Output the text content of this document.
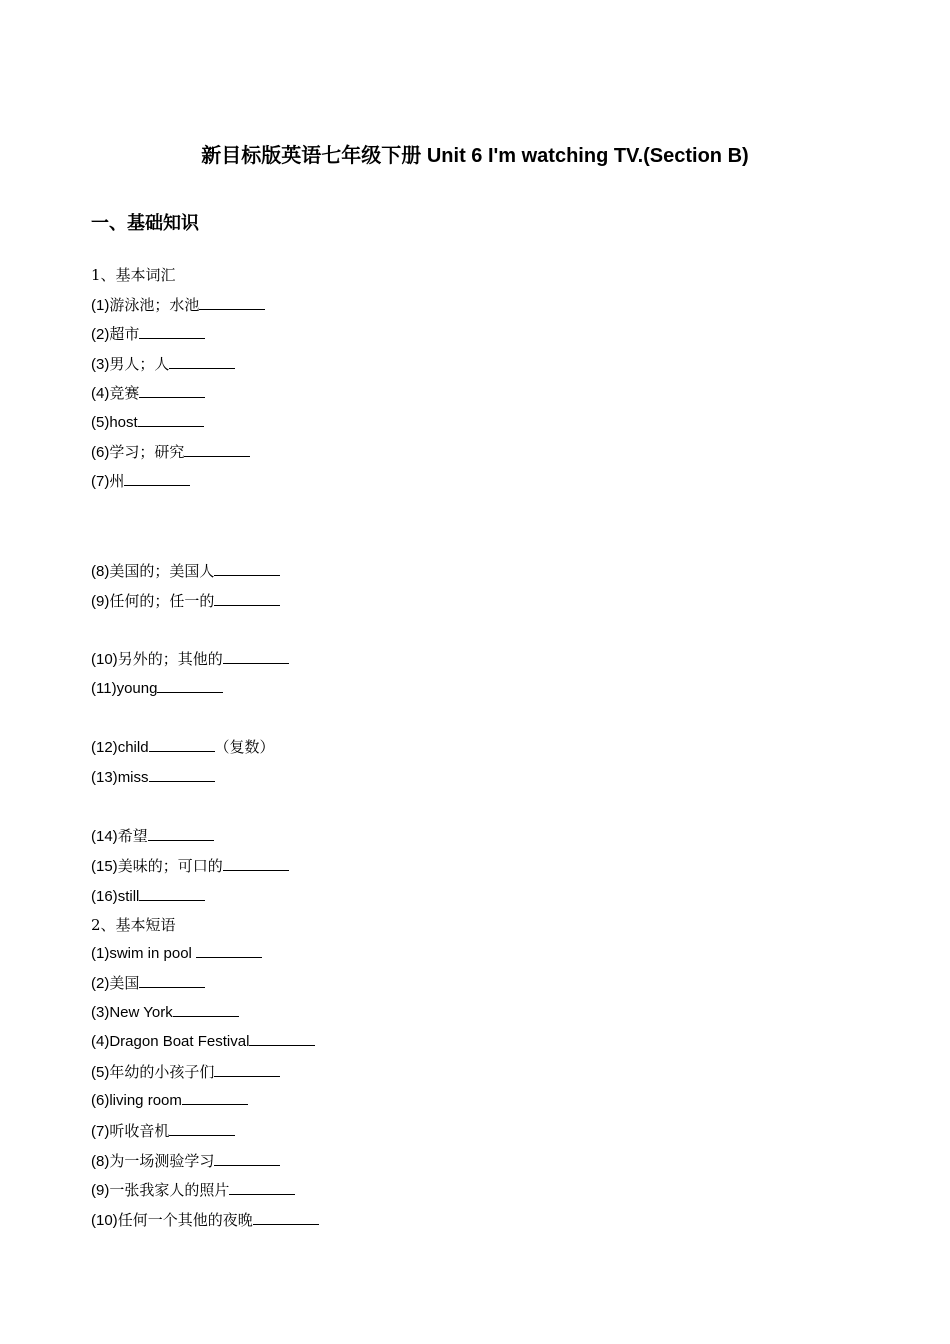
新目标版英语七年级下册 Unit 6 I'm watching TV.(Section B)
一、基础知识
1、基本词汇
(1)游泳池；水池
(2)超市
(3)男人；人
(4)竞赛
(5)host
(6)学习；研究
(7)州
(8)美国的；美国人
(9)任何的；任一的
(10)另外的；其他的
(11)young
(12)child	（复数）
(13)miss
(14)希望
(15)美味的；可口的
(16)still
2、基本短语
(1)swim in pool
(2)美国
(3)New York
(4)Dragon Boat Festival
(5)年幼的小孩子们
(6)living room
(7)听收音机
(8)为一场测验学习
(9)一张我家人的照片
(10)任何一个其他的夜晚
